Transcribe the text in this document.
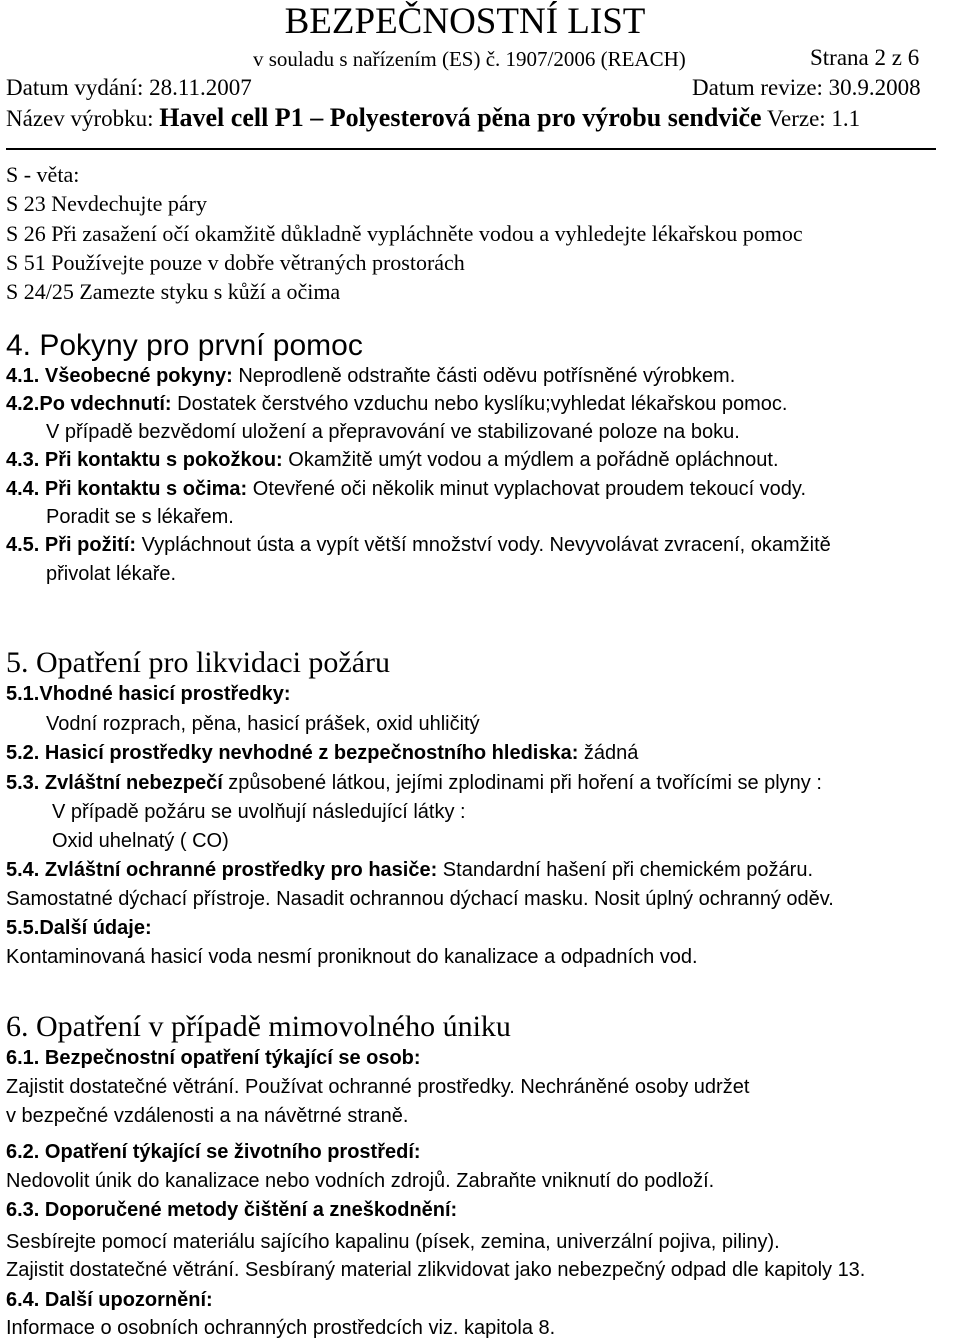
BEZPEČNOSTNÍ LIST
v souladu s nařízením (ES) č. 1907/2006 (REACH)	Strana 2 z 6
Datum vydání: 28.11.2007	Datum revize: 30.9.2008
Název výrobku: Havel cell P1 – Polyesterová pěna pro výrobu sendviče Verze: 1.1
S - věta:
S 23 Nevdechujte páry
S 26 Při zasažení očí okamžitě důkladně vypláchněte vodou a vyhledejte lékařskou pomoc
S 51 Používejte pouze v dobře větraných prostorách
S 24/25 Zamezte styku s kůží a očima
4. Pokyny pro první pomoc
4.1. Všeobecné pokyny: Neprodleně odstraňte části oděvu potřísněné výrobkem.
4.2.Po vdechnutí: Dostatek čerstvého vzduchu nebo kyslíku;vyhledat lékařskou pomoc.
V případě bezvědomí uložení a přepravování ve stabilizované poloze na boku.
4.3. Při kontaktu s pokožkou: Okamžitě umýt vodou a mýdlem a pořádně opláchnout.
4.4. Při kontaktu s očima: Otevřené oči několik minut vyplachovat proudem tekoucí vody.
Poradit se s lékařem.
4.5. Při požití: Vypláchnout ústa a vypít větší množství vody. Nevyvolávat zvracení, okamžitě
přivolat lékaře.
5. Opatření pro likvidaci požáru
5.1.Vhodné hasicí prostředky:
Vodní rozprach, pěna, hasicí prášek, oxid uhličitý
5.2. Hasicí prostředky nevhodné z bezpečnostního hlediska: žádná
5.3. Zvláštní nebezpečí způsobené látkou, jejími zplodinami při hoření a tvořícími se plyny :
V případě požáru se uvolňují následující látky :
Oxid uhelnatý ( CO)
5.4. Zvláštní ochranné prostředky pro hasiče: Standardní hašení při chemickém požáru.
Samostatné dýchací přístroje. Nasadit ochrannou dýchací masku. Nosit úplný ochranný oděv.
5.5.Další údaje:
Kontaminovaná hasicí voda nesmí proniknout do kanalizace a odpadních vod.
6. Opatření v případě mimovolného úniku
6.1. Bezpečnostní opatření týkající se osob:
Zajistit dostatečné větrání. Používat ochranné prostředky. Nechráněné osoby udržet
v bezpečné vzdálenosti a na návětrné straně.
6.2. Opatření týkající se životního prostředí:
Nedovolit únik do kanalizace nebo vodních zdrojů. Zabraňte vniknutí do podloží.
6.3. Doporučené metody čištění a zneškodnění:
Sesbírejte pomocí materiálu sajícího kapalinu (písek, zemina, univerzální pojiva, piliny).
Zajistit dostatečné větrání. Sesbíraný material zlikvidovat jako nebezpečný odpad dle kapitoly 13.
6.4. Další upozornění:
Informace o osobních ochranných prostředcích viz. kapitola 8.
